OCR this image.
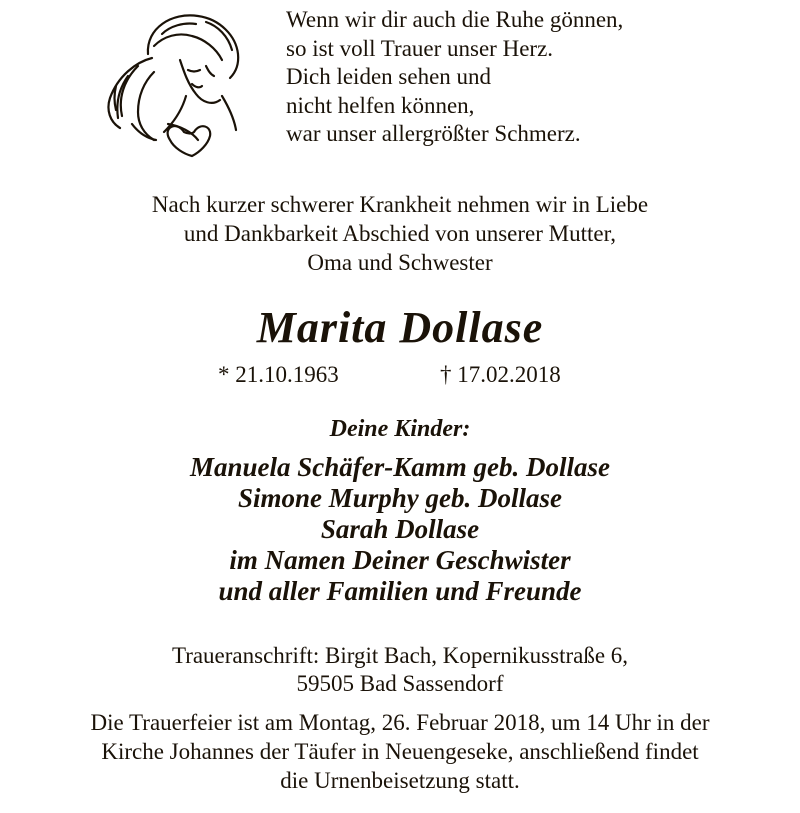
Wenn wir dir auch die Ruhe gönnen,
so ist voll Trauer unser Herz.
Dich leiden sehen und
nicht helfen können,
war unser allergrößter Schmerz.
Nach kurzer schwerer Krankheit nehmen wir in Liebe
und Dankbarkeit Abschied von unserer Mutter,
Oma und Schwester
Marita Dollase
* 21.10.1963	† 17.02.2018
Deine Kinder:
Manuela Schäfer-Kamm geb. Dollase
Simone Murphy geb. Dollase
Sarah Dollase
im Namen Deiner Geschwister
und aller Familien und Freunde
Traueranschrift: Birgit Bach, Kopernikusstraße 6,
59505 Bad Sassendorf
Die Trauerfeier ist am Montag, 26. Februar 2018, um 14 Uhr in der
Kirche Johannes der Täufer in Neuengeseke, anschließend findet
die Urnenbeisetzung statt.
